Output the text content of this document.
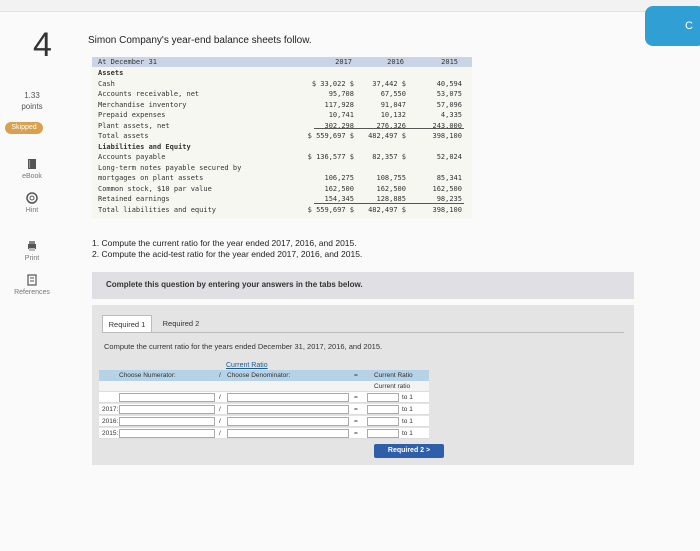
C
4
1.33
points
Skipped
eBook
Hint
Print
References
Simon Company's year-end balance sheets follow.
At December 31	2017	2016	2015
Assets
Cash	$ 33,022 $	37,442 $	40,594
Accounts receivable, net	95,708	67,550	53,075
Merchandise inventory	117,928	91,047	57,096
Prepaid expenses	10,741	10,132	4,335
Plant assets, net	302,298	276,326	243,000
Total assets	$ 559,697 $	482,497 $	398,100
Liabilities and Equity
Accounts payable	$ 136,577 $	82,357 $	52,024
Long-term notes payable secured by
mortgages on plant assets	106,275	108,755	85,341
Common stock, $10 par value	162,500	162,500	162,500
Retained earnings	154,345	128,885	98,235
Total liabilities and equity	$ 559,697 $	482,497 $	398,100
1. Compute the current ratio for the year ended 2017, 2016, and 2015.
2. Compute the acid-test ratio for the year ended 2017, 2016, and 2015.
Complete this question by entering your answers in the tabs below.
Required 1	Required 2
Compute the current ratio for the years ended December 31, 2017, 2016, and 2015.
Current Ratio
Choose Numerator:	/ Choose Denominator:	= Current Ratio
Current ratio
/	=	to 1
2017:	/	=	to 1
2016:	/	=	to 1
2015:	/	=	to 1
Required 2 >
